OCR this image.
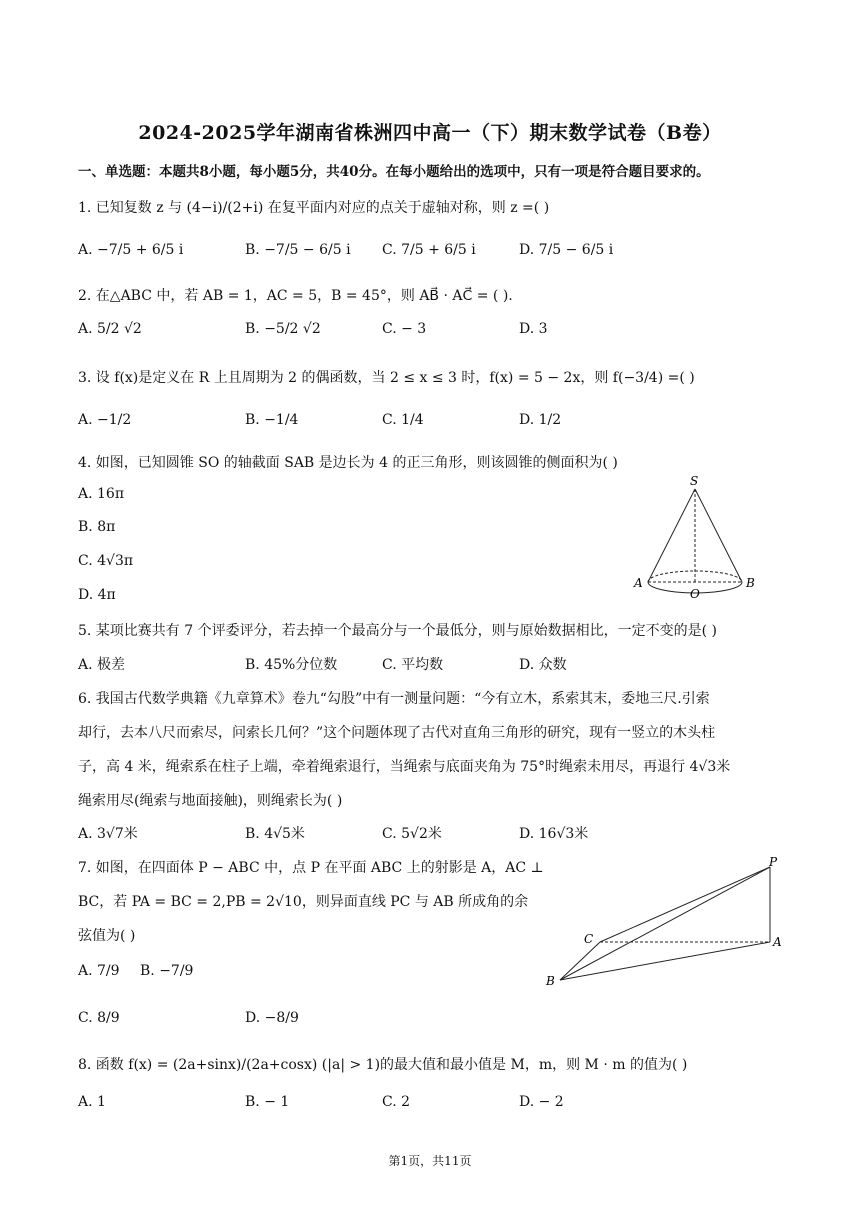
2024-2025学年湖南省株洲四中高一（下）期末数学试卷（B卷）
一、单选题：本题共8小题，每小题5分，共40分。在每小题给出的选项中，只有一项是符合题目要求的。
1. 已知复数 z 与 (4−i)/(2+i) 在复平面内对应的点关于虚轴对称，则 z =( )
A. −7/5 + 6/5 i	B. −7/5 − 6/5 i C. 7/5 + 6/5 i	D. 7/5 − 6/5 i
2. 在△ABC 中，若 AB = 1，AC = 5，B = 45°，则 AB⃗ · AC⃗ = ( ).
A. 5/2 √2	B. −5/2 √2	C. − 3	D. 3
3. 设 f(x)是定义在 R 上且周期为 2 的偶函数，当 2 ≤ x ≤ 3 时，f(x) = 5 − 2x，则 f(−3/4) =( )
A. −1/2	B. −1/4	C. 1/4	D. 1/2
4. 如图，已知圆锥 SO 的轴截面 SAB 是边长为 4 的正三角形，则该圆锥的侧面积为( )
A. 16π
B. 8π
C. 4√3π
D. 4π
S
A
O
B
5. 某项比赛共有 7 个评委评分，若去掉一个最高分与一个最低分，则与原始数据相比，一定不变的是( )
A. 极差	B. 45%分位数	C. 平均数	D. 众数
6. 我国古代数学典籍《九章算术》卷九“勾股”中有一测量问题：“今有立木，系索其末，委地三尺.引索
却行，去本八尺而索尽，问索长几何？”这个问题体现了古代对直角三角形的研究，现有一竖立的木头柱
子，高 4 米，绳索系在柱子上端，牵着绳索退行，当绳索与底面夹角为 75°时绳索未用尽，再退行 4√3米
绳索用尽(绳索与地面接触)，则绳索长为( )
A. 3√7米	B. 4√5米	C. 5√2米	D. 16√3米
7. 如图，在四面体 P − ABC 中，点 P 在平面 ABC 上的射影是 A，AC ⊥
BC，若 PA = BC = 2,PB = 2√10，则异面直线 PC 与 AB 所成角的余
弦值为( )
A. 7/9 B. −7/9
C. 8/9	D. −8/9
P
C	A
B
8. 函数 f(x) = (2a+sinx)/(2a+cosx) (|a| > 1)的最大值和最小值是 M，m，则 M · m 的值为( )
A. 1	B. − 1	C. 2	D. − 2
第1页，共11页
